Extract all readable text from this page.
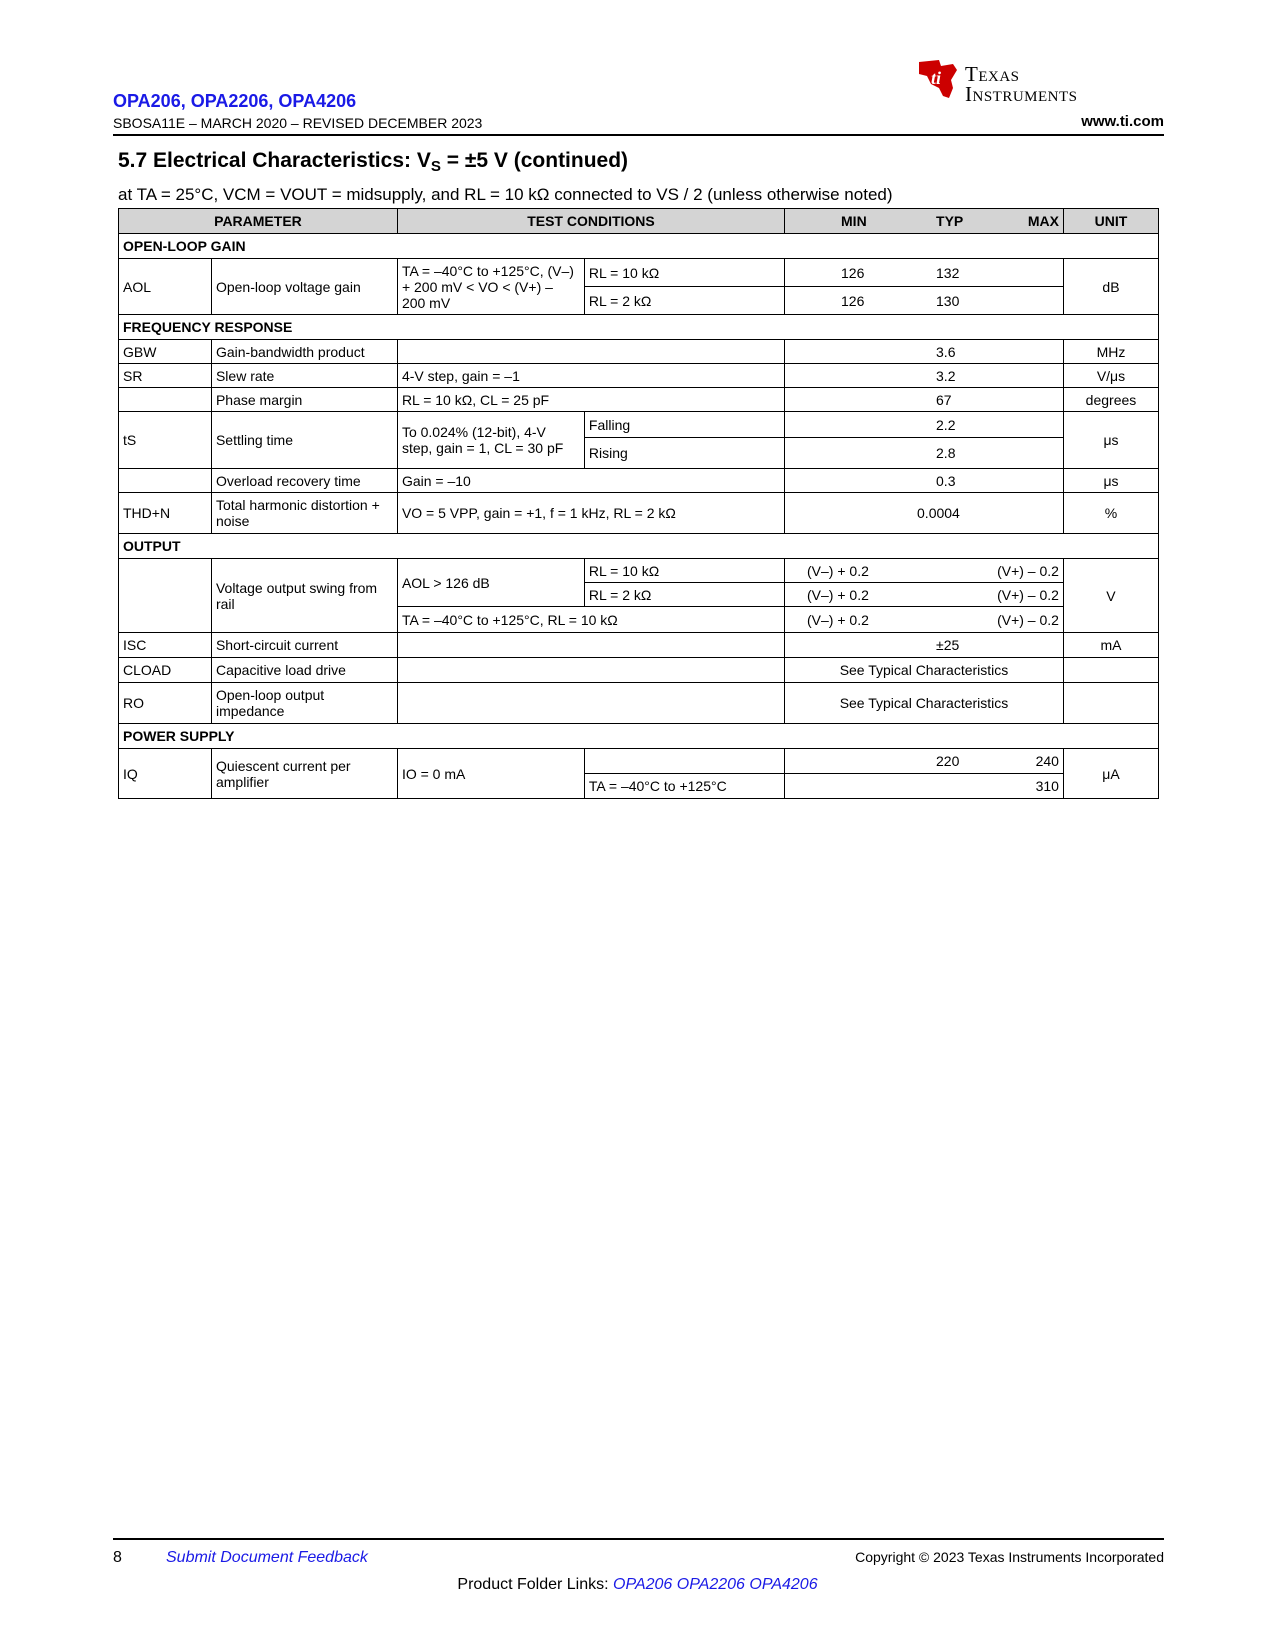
OPA206, OPA2206, OPA4206
SBOSA11E – MARCH 2020 – REVISED DECEMBER 2023
ti Texas
Instruments
www.ti.com
5.7 Electrical Characteristics: $V_S = \pm 5$ V (continued)
at TA = 25°C, VCM = VOUT = midsupply, and RL = 10 kΩ connected to VS / 2 (unless otherwise noted)
PARAMETER		TEST CONDITIONS		MIN TYP MAX	UNIT
OPEN-LOOP GAIN					
AOL	Open-loop voltage gain	TA = –40°C to +125°C, (V–) + 200 mV < VO < (V+) – 200 mV	RL = 10 kΩ	126 132	dB
			RL = 2 kΩ	126 130	

FREQUENCY RESPONSE					
GBW	Gain-bandwidth product			3.6	MHz
SR	Slew rate	4-V step, gain = –1		3.2	V/μs
	Phase margin	RL = 10 kΩ, CL = 25 pF		67	degrees
tS	Settling time	To 0.024% (12-bit), 4-V step, gain = 1, CL = 30 pF	Falling	2.2	μs
			Rising	2.8	

	Overload recovery time	Gain = –10		0.3	μs
THD+N	Total harmonic distortion + noise	VO = 5 VPP, gain = +1, f = 1 kHz, RL = 2 kΩ		0.0004	%
OUTPUT					
	Voltage output swing from rail	AOL > 126 dB	RL = 10 kΩ	(V–) + 0.2 (V+) – 0.2	V
			RL = 2 kΩ	(V–) + 0.2 (V+) – 0.2	

		TA = –40°C to +125°C, RL = 10 kΩ		(V–) + 0.2 (V+) – 0.2	

ISC	Short-circuit current			±25	mA
CLOAD	Capacitive load drive			See Typical Characteristics	
RO	Open-loop output impedance			See Typical Characteristics	
POWER SUPPLY					
IQ	Quiescent current per amplifier	IO = 0 mA		220 240	μA
			TA = –40°C to +125°C	310	
8	Submit Document Feedback	Copyright © 2023 Texas Instruments Incorporated
Product Folder Links: OPA206 OPA2206 OPA4206
